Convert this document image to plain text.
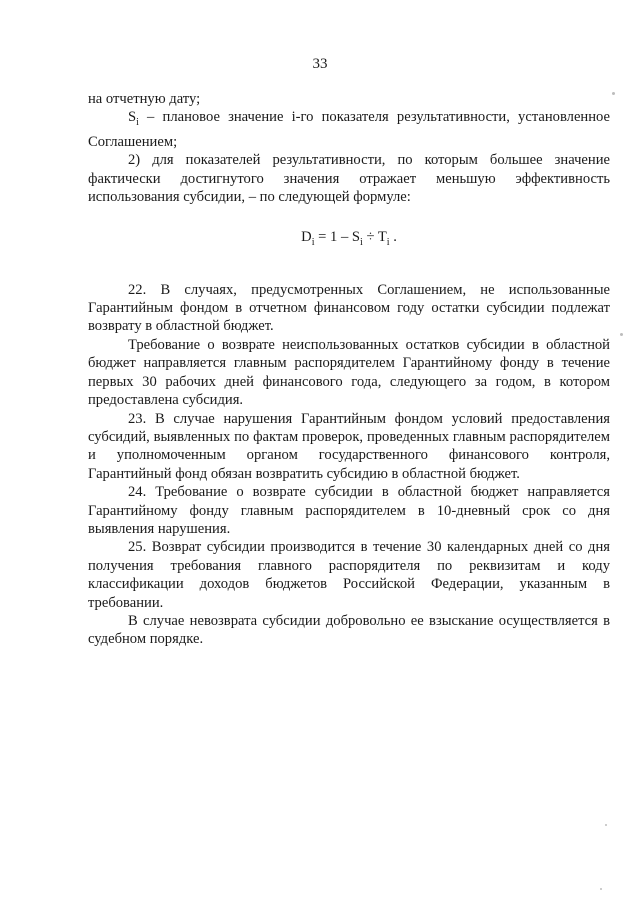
33

на отчетную дату;

$S_i$ – плановое значение i-го показателя результативности, установленное Соглашением;

2) для показателей результативности, по которым большее значение фактически достигнутого значения отражает меньшую эффективность использования субсидии, – по следующей формуле:

$D_i = 1 - S_i \div T_i$ .

22. В случаях, предусмотренных Соглашением, не использованные Гарантийным фондом в отчетном финансовом году остатки субсидии подлежат возврату в областной бюджет.

Требование о возврате неиспользованных остатков субсидии в областной бюджет направляется главным распорядителем Гарантийному фонду в течение первых 30 рабочих дней финансового года, следующего за годом, в котором предоставлена субсидия.

23. В случае нарушения Гарантийным фондом условий предоставления субсидий, выявленных по фактам проверок, проведенных главным распорядителем и уполномоченным органом государственного финансового контроля, Гарантийный фонд обязан возвратить субсидию в областной бюджет.

24. Требование о возврате субсидии в областной бюджет направляется Гарантийному фонду главным распорядителем в 10-дневный срок со дня выявления нарушения.

25. Возврат субсидии производится в течение 30 календарных дней со дня получения требования главного распорядителя по реквизитам и коду классификации доходов бюджетов Российской Федерации, указанным в требовании.

В случае невозврата субсидии добровольно ее взыскание осуществляется в судебном порядке.
